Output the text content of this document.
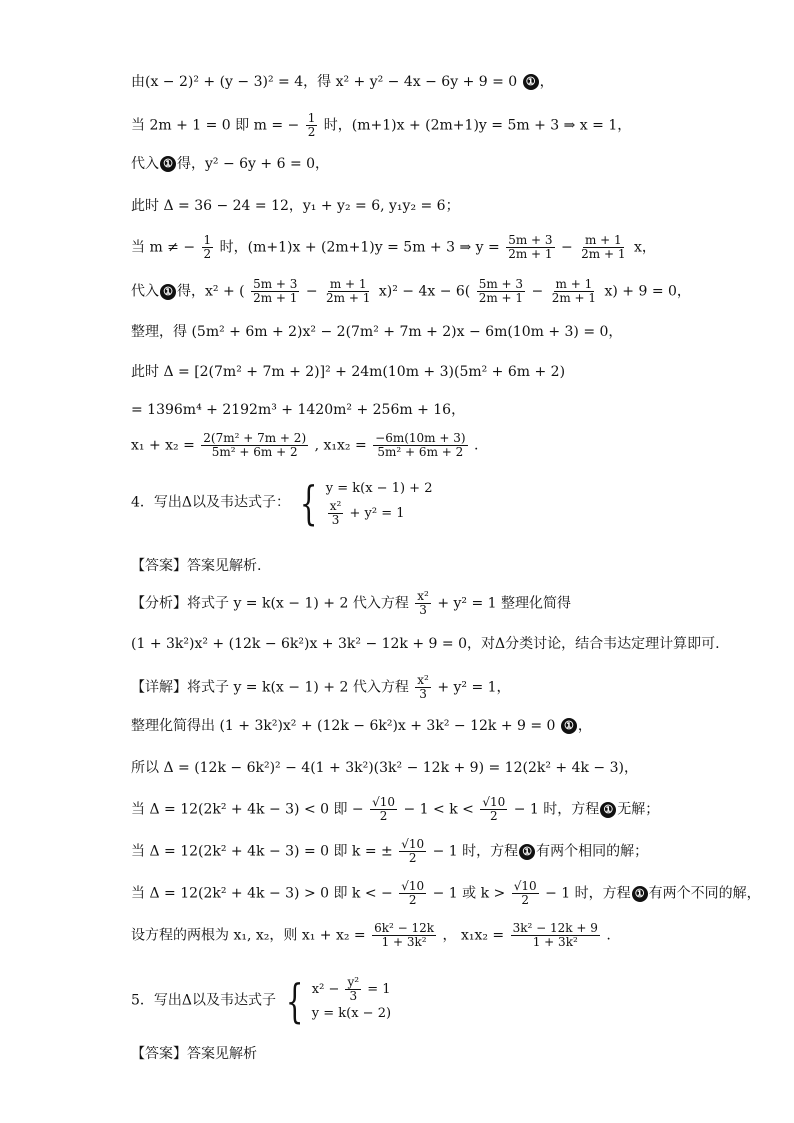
由(x − 2)² + (y − 3)² = 4，得 x² + y² − 4x − 6y + 9 = 0 ① ，
当 2m + 1 = 0 即 m = − $\frac{1}{2}$ 时，(m+1)x + (2m+1)y = 5m + 3 ⇒ x = 1，
代入 ① 得，y² − 6y + 6 = 0，
此时 Δ = 36 − 24 = 12，y₁ + y₂ = 6, y₁y₂ = 6；
当 m ≠ − $\frac{1}{2}$ 时，(m+1)x + (2m+1)y = 5m + 3 ⇒ $y = \frac{5m + 3}{2m + 1} - \frac{m + 1}{2m + 1}$ x，
代入 ① 得，x² + ( $\frac{5m + 3}{2m + 1} - \frac{m + 1}{2m + 1} x)^2 - 4x - 6( \frac{5m + 3}{2m + 1} - \frac{m + 1}{2m + 1} x) + 9 = 0$，
整理，得 (5m² + 6m + 2)x² − 2(7m² + 7m + 2)x − 6m(10m + 3) = 0，
此时 Δ = [2(7m² + 7m + 2)]² + 24m(10m + 3)(5m² + 6m + 2)
= 1396m⁴ + 2192m³ + 1420m² + 256m + 16，
$x_1 + x_2 = \frac{\text{2(7m² + 7m + 2)}}{\text{5m² + 6m + 2}}$ , $x_1x_2 = \frac{-6m(10m + 3)}{\text{5m² + 6m + 2}}$ .
4．写出Δ以及韦达式子： { y = k(x − 1) + 2
$\frac{\text{x²}}{3} + y^2 = 1$
【答案】答案见解析.
【分析】将式子 y = k(x − 1) + 2 代入方程 $\frac{\text{x²}}{3} + y^2 = 1$ 整理化简得
(1 + 3k²)x² + (12k − 6k²)x + 3k² − 12k + 9 = 0，对Δ分类讨论，结合韦达定理计算即可.
【详解】将式子 y = k(x − 1) + 2 代入方程 $\frac{\text{x²}}{3} + y^2 = 1$，
整理化简得出 (1 + 3k²)x² + (12k − 6k²)x + 3k² − 12k + 9 = 0 ① ，
所以 Δ = (12k − 6k²)² − 4(1 + 3k²)(3k² − 12k + 9) = 12(2k² + 4k − 3)，
当 Δ = 12(2k² + 4k − 3) < 0 即 − $\frac{√10}{2} - 1 < k < \frac{√10}{2} - 1$ 时，方程 ① 无解；
当 Δ = 12(2k² + 4k − 3) = 0 即 k = ± $\frac{√10}{2} - 1$ 时，方程 ① 有两个相同的解；
当 Δ = 12(2k² + 4k − 3) > 0 即 k < − $\frac{√10}{2} - 1$ 或 $k > \frac{√10}{2} - 1$ 时，方程 ① 有两个不同的解，
设方程的两根为 x₁, x₂，则 $x_1 + x_2 = \frac{\text{6k² − 12k}}{\text{1 + 3k²}}$ ， $x_1x_2 = \frac{\text{3k² − 12k + 9}}{\text{1 + 3k²}}$ .
5．写出Δ以及韦达式子 { $x^2 - \frac{\text{y²}}{3} = 1$
y = k(x − 2)
【答案】答案见解析
